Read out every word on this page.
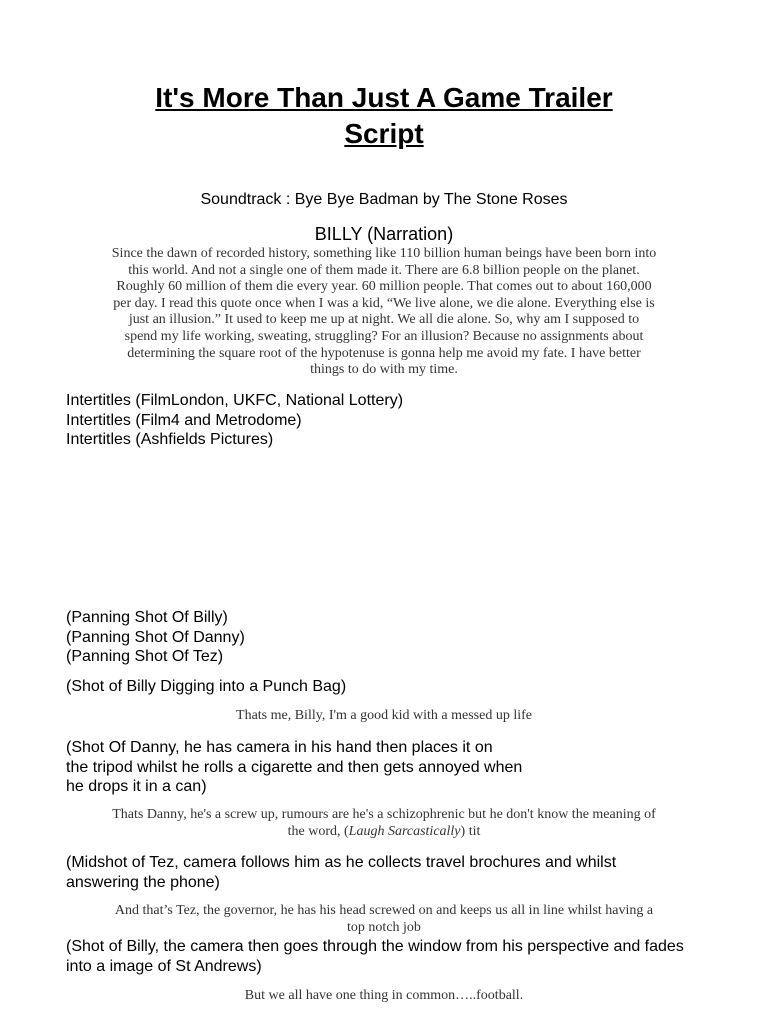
It's More Than Just A Game Trailer
Script
Soundtrack : Bye Bye Badman by The Stone Roses
BILLY (Narration)
Since the dawn of recorded history, something like 110 billion human beings have been born into
this world. And not a single one of them made it. There are 6.8 billion people on the planet.
Roughly 60 million of them die every year. 60 million people. That comes out to about 160,000
per day. I read this quote once when I was a kid, “We live alone, we die alone. Everything else is
just an illusion.” It used to keep me up at night. We all die alone. So, why am I supposed to
spend my life working, sweating, struggling? For an illusion? Because no assignments about
determining the square root of the hypotenuse is gonna help me avoid my fate. I have better
things to do with my time.
Intertitles (FilmLondon, UKFC, National Lottery)
Intertitles (Film4 and Metrodome)
Intertitles (Ashfields Pictures)
(Panning Shot Of Billy)
(Panning Shot Of Danny)
(Panning Shot Of Tez)
(Shot of Billy Digging into a Punch Bag)
Thats me, Billy, I'm a good kid with a messed up life
(Shot Of Danny, he has camera in his hand then places it on
the tripod whilst he rolls a cigarette and then gets annoyed when
he drops it in a can)
Thats Danny, he's a screw up, rumours are he's a schizophrenic but he don't know the meaning of
the word, (Laugh Sarcastically) tit
(Midshot of Tez, camera follows him as he collects travel brochures and whilst
answering the phone)
And that’s Tez, the governor, he has his head screwed on and keeps us all in line whilst having a
top notch job
(Shot of Billy, the camera then goes through the window from his perspective and fades
into a image of St Andrews)
But we all have one thing in common…..football.
